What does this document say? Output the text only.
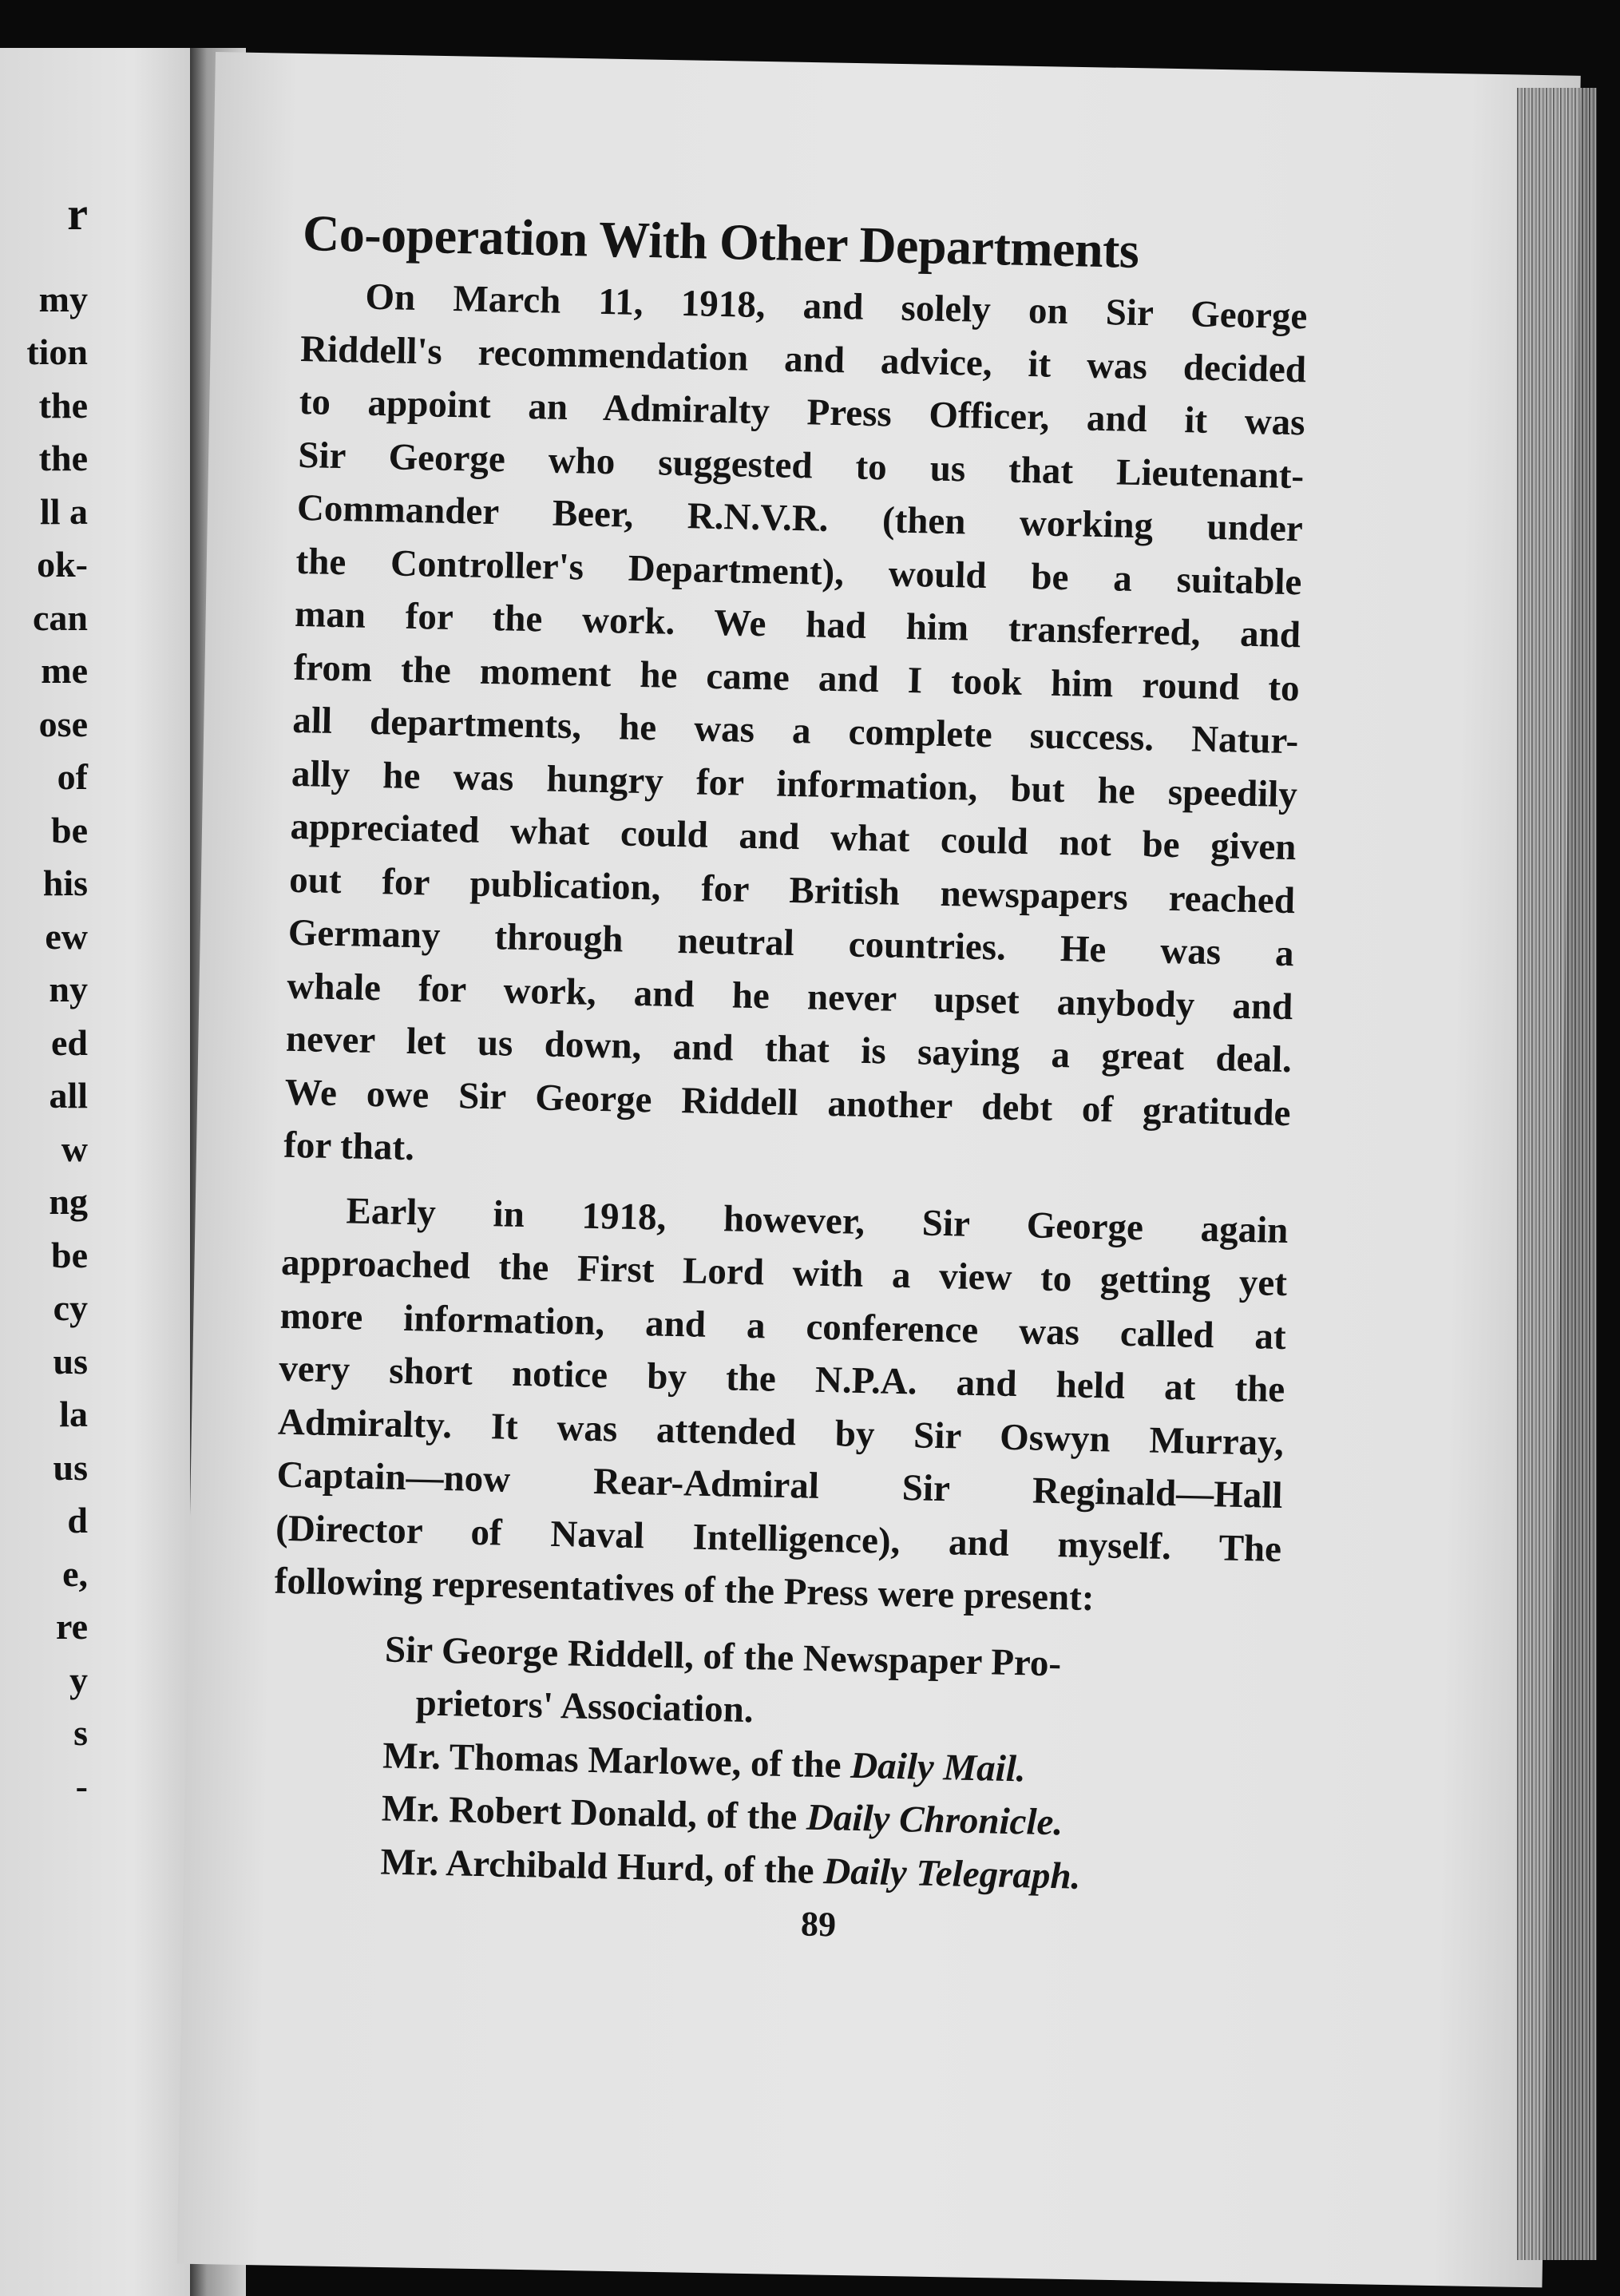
r
my
tion
the
the
ll a
ok-
can
me
ose
of
be
his
ew
ny
ed
all
w
ng
be
cy
us
la
us
d
e,
re
y
s
-
Co-operation With Other Departments
On March 11, 1918, and solely on Sir George
Riddell's recommendation and advice, it was decided
to appoint an Admiralty Press Officer, and it was
Sir George who suggested to us that Lieutenant-
Commander Beer, R.N.V.R. (then working under
the Controller's Department), would be a suitable
man for the work. We had him transferred, and
from the moment he came and I took him round to
all departments, he was a complete success. Natur-
ally he was hungry for information, but he speedily
appreciated what could and what could not be given
out for publication, for British newspapers reached
Germany through neutral countries. He was a
whale for work, and he never upset anybody and
never let us down, and that is saying a great deal.
We owe Sir George Riddell another debt of gratitude
for that.
Early in 1918, however, Sir George again
approached the First Lord with a view to getting yet
more information, and a conference was called at
very short notice by the N.P.A. and held at the
Admiralty. It was attended by Sir Oswyn Murray,
Captain—now Rear-Admiral Sir Reginald—Hall
(Director of Naval Intelligence), and myself. The
following representatives of the Press were present:
Sir George Riddell, of the Newspaper Pro-
prietors' Association.
Mr. Thomas Marlowe, of the Daily Mail.
Mr. Robert Donald, of the Daily Chronicle.
Mr. Archibald Hurd, of the Daily Telegraph.
89
